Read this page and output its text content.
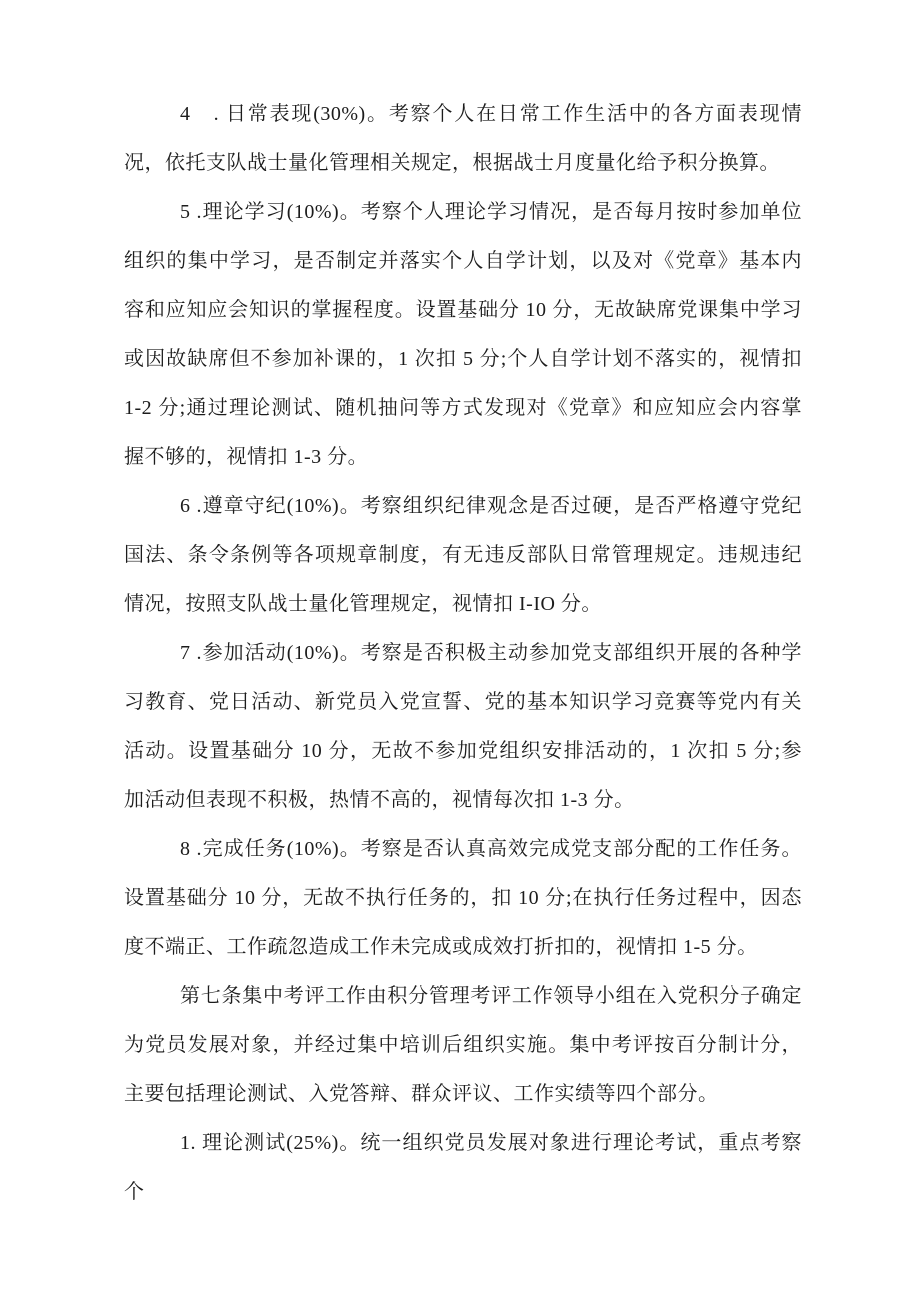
4　. 日常表现(30%)。考察个人在日常工作生活中的各方面表现情
况，依托支队战士量化管理相关规定，根据战士月度量化给予积分换算。
5 .理论学习(10%)。考察个人理论学习情况，是否每月按时参加单位
组织的集中学习，是否制定并落实个人自学计划，以及对《党章》基本内
容和应知应会知识的掌握程度。设置基础分 10 分，无故缺席党课集中学习
或因故缺席但不参加补课的，1 次扣 5 分;个人自学计划不落实的，视情扣
1-2 分;通过理论测试、随机抽问等方式发现对《党章》和应知应会内容掌
握不够的，视情扣 1-3 分。
6 .遵章守纪(10%)。考察组织纪律观念是否过硬，是否严格遵守党纪
国法、条令条例等各项规章制度，有无违反部队日常管理规定。违规违纪
情况，按照支队战士量化管理规定，视情扣 I-IO 分。
7 .参加活动(10%)。考察是否积极主动参加党支部组织开展的各种学
习教育、党日活动、新党员入党宣誓、党的基本知识学习竞赛等党内有关
活动。设置基础分 10 分，无故不参加党组织安排活动的，1 次扣 5 分;参
加活动但表现不积极，热情不高的，视情每次扣 1-3 分。
8 .完成任务(10%)。考察是否认真高效完成党支部分配的工作任务。
设置基础分 10 分，无故不执行任务的，扣 10 分;在执行任务过程中，因态
度不端正、工作疏忽造成工作未完成或成效打折扣的，视情扣 1-5 分。
第七条集中考评工作由积分管理考评工作领导小组在入党积分子确定
为党员发展对象，并经过集中培训后组织实施。集中考评按百分制计分，
主要包括理论测试、入党答辩、群众评议、工作实绩等四个部分。
1. 理论测试(25%)。统一组织党员发展对象进行理论考试，重点考察个
